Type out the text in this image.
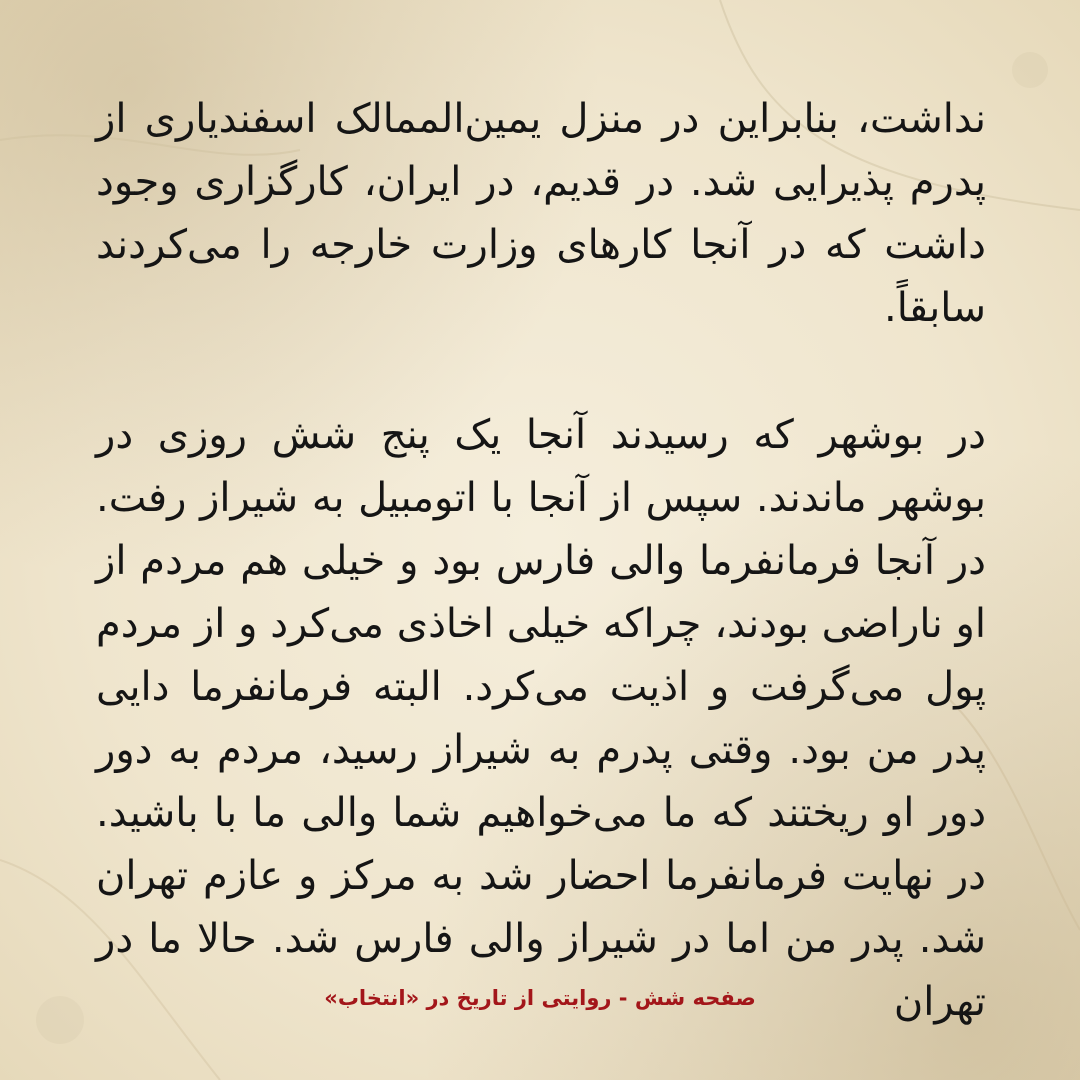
نداشت، بنابراین در منزل یمین‌الممالک اسفندیاری از پدرم پذیرایی شد. در قدیم، در ایران، کارگزاری وجود داشت که در آنجا کارهای وزارت خارجه را می‌کردند سابقاً.

در بوشهر که رسیدند آنجا یک پنج شش روزی در بوشهر ماندند. سپس از آنجا با اتومبیل به شیراز رفت. در آنجا فرمانفرما والی فارس بود و خیلی هم مردم از او ناراضی بودند، چراکه خیلی اخاذی می‌کرد و از مردم پول می‌گرفت و اذیت می‌کرد. البته فرمانفرما دایی پدر من بود. وقتی پدرم به شیراز رسید، مردم به دور دور او ریختند که ما می‌خواهیم شما والی ما با باشید. در نهایت فرمانفرما احضار شد به مرکز و عازم تهران شد. پدر من اما در شیراز والی فارس شد. حالا ما در تهران

صفحه شش - روایتی از تاریخ در «انتخاب»
